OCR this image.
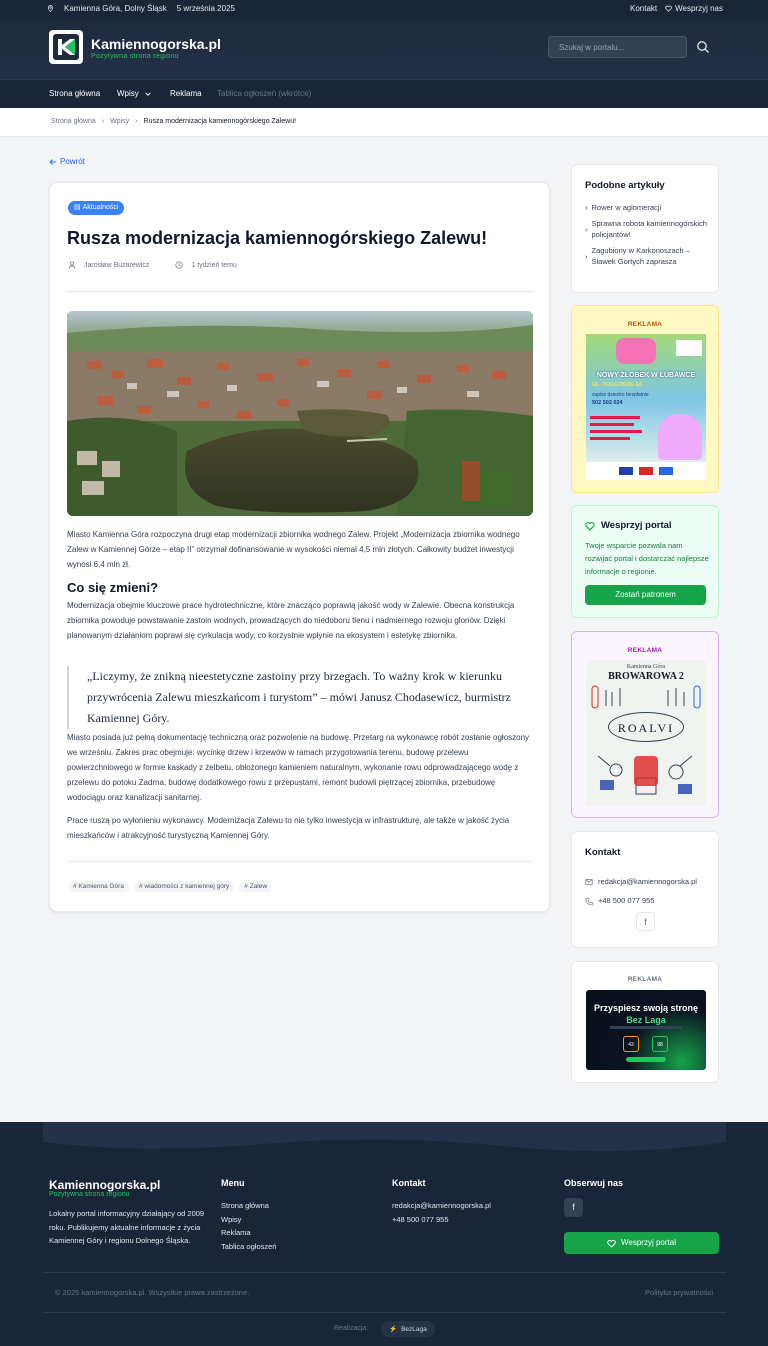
Kamienna Góra, Dolny Śląsk 5 września 2025	Kontakt Wesprzyj nas
Kamiennogorska.pl
Pozytywna strona regionu
Szukaj w portalu...
Strona główna Wpisy	Reklama Tablica ogłoszeń (wkrótce)
Strona główna › Wpisy › Rusza modernizacja kamiennogórskiego Zalewu!
Powrót
▤ Aktualności
Rusza modernizacja kamiennogórskiego Zalewu!
Jarosław Buzarewicz	1 tydzień temu

Miasto Kamienna Góra rozpoczyna drugi etap modernizacji zbiornika wodnego Zalew. Projekt „Modernizacja zbiornika wodnego Zalew w Kamiennej Górze – etap II” otrzymał dofinansowanie w wysokości niemal 4,5 mln złotych. Całkowity budżet inwestycji wynosi 6,4 mln zł.

Co się zmieni?

Modernizacja obejmie kluczowe prace hydrotechniczne, które znacząco poprawią jakość wody w Zalewie. Obecna konstrukcja zbiornika powoduje powstawanie zastoin wodnych, prowadzących do niedoboru tlenu i nadmiernego rozwoju glonów. Dzięki planowanym działaniom poprawi się cyrkulacja wody, co korzystnie wpłynie na ekosystem i estetykę zbiornika.

„Liczymy, że znikną nieestetyczne zastoiny przy brzegach. To ważny krok w kierunku przywrócenia Zalewu mieszkańcom i turystom” – mówi Janusz Chodasewicz, burmistrz Kamiennej Góry.

Miasto posiada już pełną dokumentację techniczną oraz pozwolenie na budowę. Przetarg na wykonawcę robót zostanie ogłoszony we wrześniu. Zakres prac obejmuje: wycinkę drzew i krzewów w ramach przygotowania terenu, budowę przelewu powierzchniowego w formie kaskady z żelbetu, obłożonego kamieniem naturalnym, wykonanie rowu odprowadzającego wodę z przelewu do potoku Zadrna, budowę dodatkowego rowu z przepustami, remont budowli piętrzącej zbiornika, przebudowę wodociągu oraz kanalizacji sanitarnej.

Prace ruszą po wyłonieniu wykonawcy. Modernizacja Zalewu to nie tylko inwestycja w infrastrukturę, ale także w jakość życia mieszkańców i atrakcyjność turystyczną Kamiennej Góry.

# Kamienna Góra	# wiadomości z kamiennej góry	# Zalew
Podobne artykuły
› Rower w aglomeracji
›
Sprawna robota kamiennogórskich policjantów!
›
Zagubiony w Karkonoszach – Sławek Gortych zaprasza
REKLAMA
NOWY ŻŁOBEK W LUBAWCE
UL. PODGÓRZE 8A
zapisz dziecko bezpłatnie
502 502 024
Wesprzyj portal

Twoje wsparcie pozwala nam rozwijać portal i dostarczać najlepsze informacje o regionie.

Zostań patronem
REKLAMA
Kamienna Góra
BROWAROWA 2
ROALVI
Kontakt
redakcja@kamiennogorska.pl
+48 500 077 955
f
REKLAMA
Przyspiesz swoją stronę
Bez Laga
43	98
Kamiennogorska.pl
Pozytywna strona regionu

Lokalny portal informacyjny działający od 2009 roku. Publikujemy aktualne informacje z życia Kamiennej Góry i regionu Dolnego Śląska.

Menu
Strona główna
Wpisy
Reklama
Tablica ogłoszeń
Kontakt
redakcja@kamiennogorska.pl
+48 500 077 955
Obserwuj nas
f
Wesprzyj portal
© 2025 kamiennogorska.pl. Wszystkie prawa zastrzeżone.	Polityka prywatności
Realizacja:	⚡ BezLaga
